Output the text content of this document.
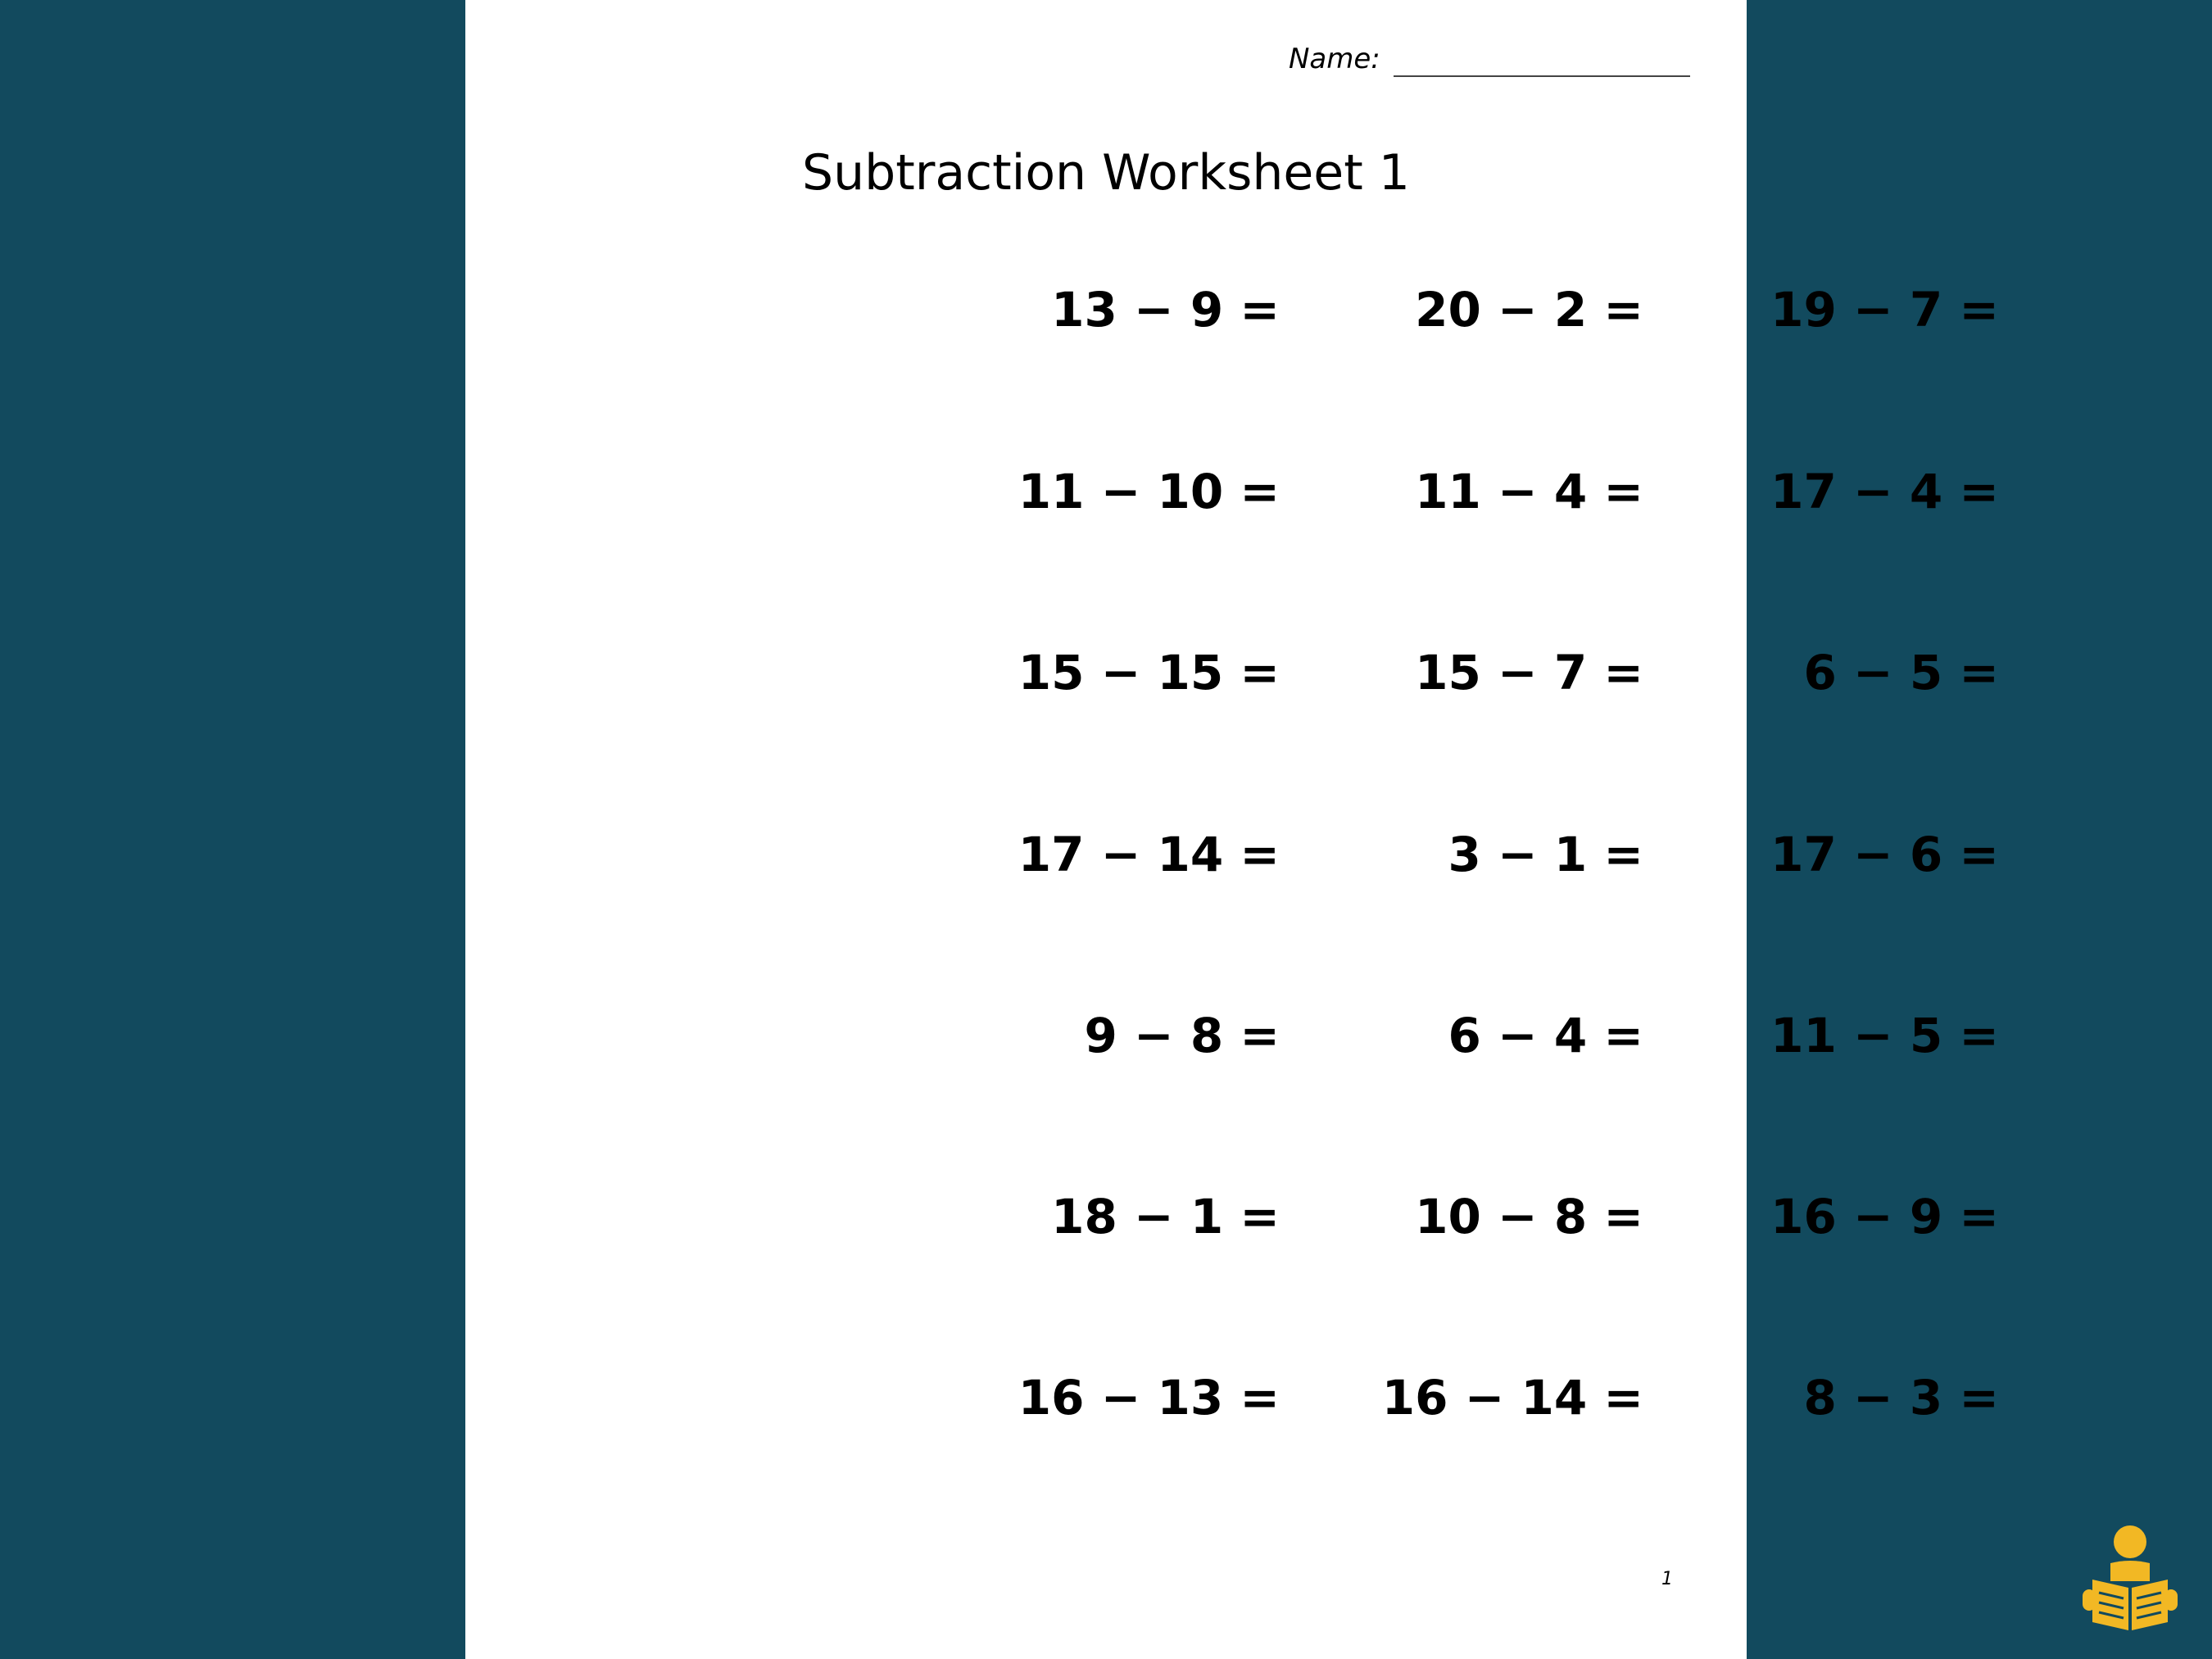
Name:
Subtraction Worksheet 1
13 − 9 =	20 − 2 =	19 − 7 =
11 − 10 =	11 − 4 =	17 − 4 =
15 − 15 =	15 − 7 =	6 − 5 =
17 − 14 =	3 − 1 =	17 − 6 =
9 − 8 =	6 − 4 =	11 − 5 =
18 − 1 =	10 − 8 =	16 − 9 =
16 − 13 = 16 − 14 =	8 − 3 =
1
